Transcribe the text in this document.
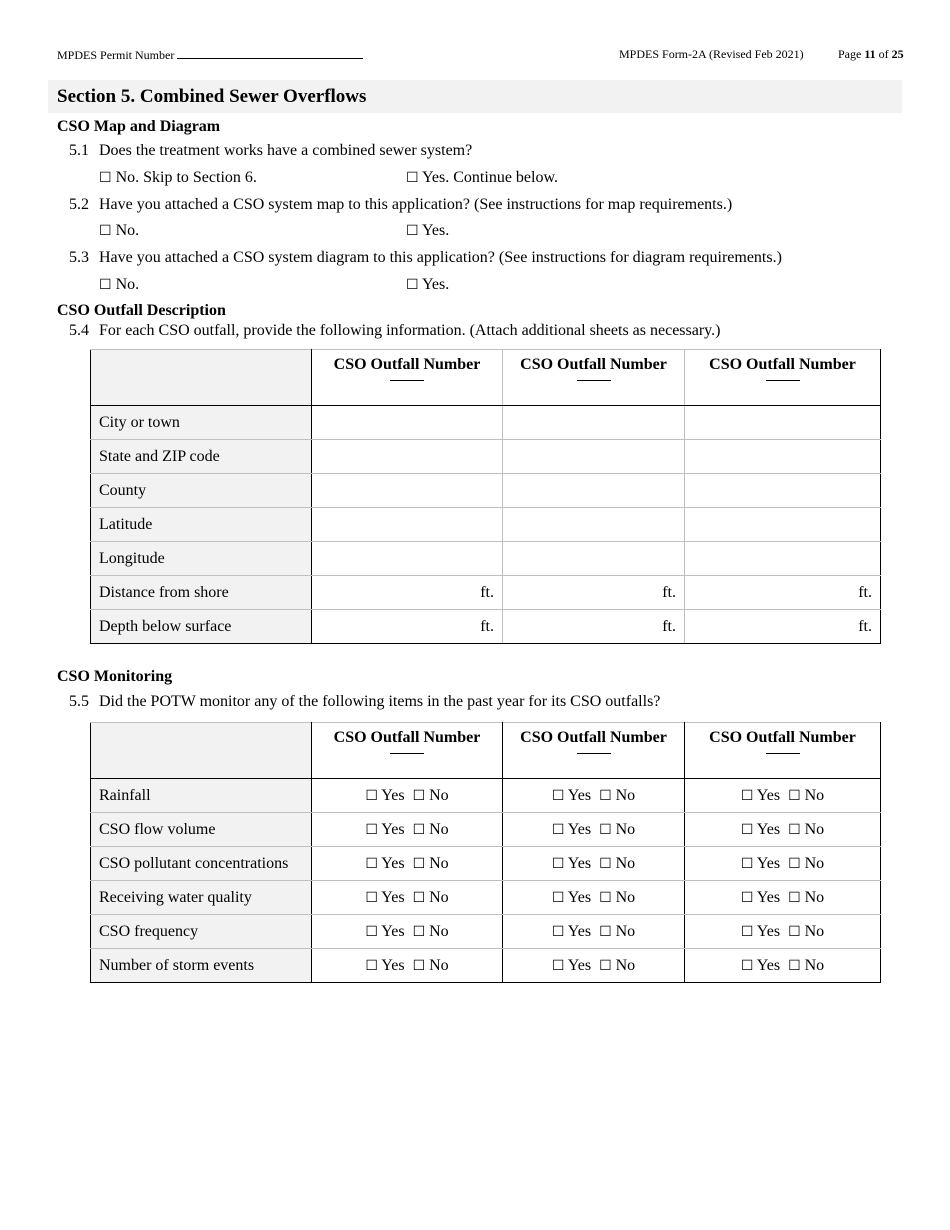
MPDES Permit Number	MPDES Form-2A (Revised Feb 2021)	Page 11 of 25
Section 5. Combined Sewer Overflows
CSO Map and Diagram
5.1 Does the treatment works have a combined sewer system?
☐ No. Skip to Section 6.	☐ Yes. Continue below.
5.2 Have you attached a CSO system map to this application? (See instructions for map requirements.)
☐ No.	☐ Yes.
5.3 Have you attached a CSO system diagram to this application? (See instructions for diagram requirements.)
☐ No.	☐ Yes.
CSO Outfall Description
5.4 For each CSO outfall, provide the following information. (Attach additional sheets as necessary.)
	CSO Outfall Number	CSO Outfall Number	CSO Outfall Number

City or town			
State and ZIP code			
County			
Latitude			
Longitude			
Distance from shore	ft.	ft.	ft.
Depth below surface	ft.	ft.	ft.
CSO Monitoring
5.5 Did the POTW monitor any of the following items in the past year for its CSO outfalls?
	CSO Outfall Number	CSO Outfall Number	CSO Outfall Number

Rainfall	☐ Yes ☐ No	☐ Yes ☐ No	☐ Yes ☐ No
CSO flow volume	☐ Yes ☐ No	☐ Yes ☐ No	☐ Yes ☐ No
CSO pollutant concentrations	☐ Yes ☐ No	☐ Yes ☐ No	☐ Yes ☐ No
Receiving water quality	☐ Yes ☐ No	☐ Yes ☐ No	☐ Yes ☐ No
CSO frequency	☐ Yes ☐ No	☐ Yes ☐ No	☐ Yes ☐ No
Number of storm events	☐ Yes ☐ No	☐ Yes ☐ No	☐ Yes ☐ No
